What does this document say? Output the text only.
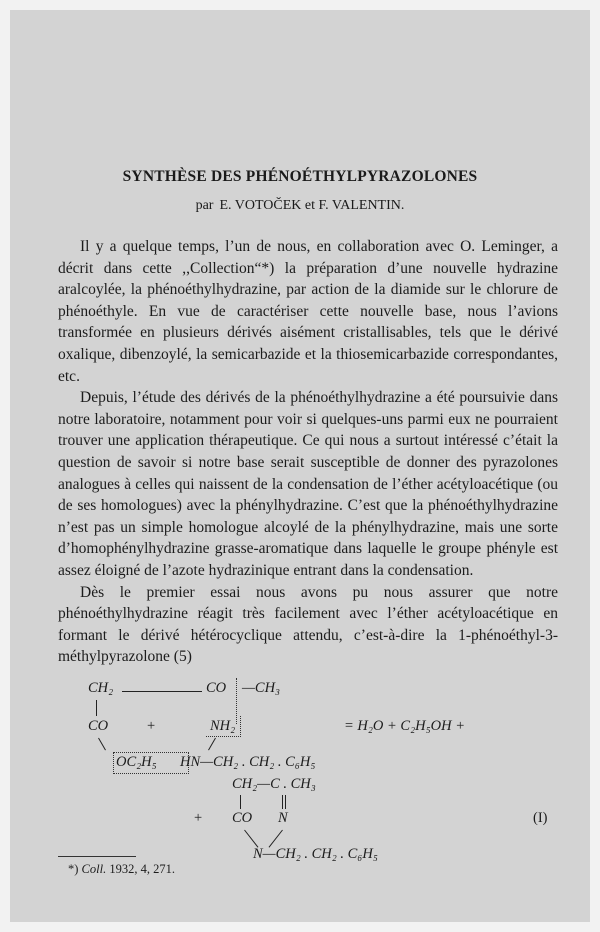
SYNTHÈSE DES PHÉNOÉTHYLPYRAZOLONES
par E. VOTOČEK et F. VALENTIN.

Il y a quelque temps, l’un de nous, en collaboration avec O. Leminger, a décrit dans cette ,,Collection“*) la préparation d’une nouvelle hydrazine aralcoylée, la phénoéthylhydrazine, par action de la diamide sur le chlorure de phénoéthyle. En vue de caractériser cette nouvelle base, nous l’avions transformée en plusieurs dérivés aisément cristallisables, tels que le dérivé oxalique, dibenzoylé, la semicarbazide et la thiosemicarbazide correspondantes, etc.

Depuis, l’étude des dérivés de la phénoéthylhydrazine a été poursuivie dans notre laboratoire, notamment pour voir si quelques-uns parmi eux ne pourraient trouver une application thérapeutique. Ce qui nous a surtout intéressé c’était la question de savoir si notre base serait susceptible de donner des pyrazolones analogues à celles qui naissent de la condensation de l’éther acétyloacétique (ou de ses homologues) avec la phénylhydrazine. C’est que la phénoéthylhydrazine n’est pas un simple homologue alcoylé de la phénylhydrazine, mais une sorte d’homophénylhydrazine grasse-aromatique dans laquelle le groupe phényle est assez éloigné de l’azote hydrazinique entrant dans la condensation.

Dès le premier essai nous avons pu nous assurer que notre phénoéthylhydrazine réagit très facilement avec l’éther acétyloacétique en formant le dérivé hétérocyclique attendu, c’est-à-dire la 1-phénoéthyl-3-méthylpyrazolone (5)

CH₂	CO —CH₃
CO	+	NH₂	= H₂O + C₂H₅OH +
OC₂H₅ HN—CH₂ . CH₂ . C₆H₅
CH₂—C . CH₃
+ CO N
N—CH₂ . CH₂ . C₆H₅
(I)
*) Coll. 1932, 4, 271.
